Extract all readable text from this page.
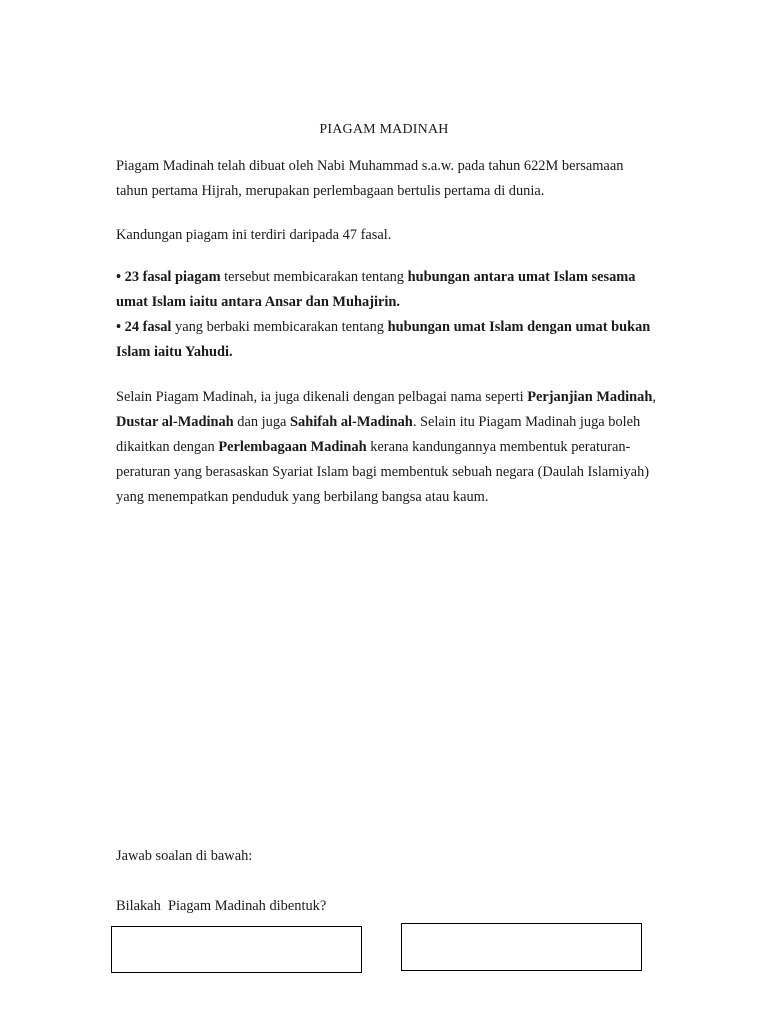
PIAGAM MADINAH

Piagam Madinah telah dibuat oleh Nabi Muhammad s.a.w. pada tahun 622M bersamaan tahun pertama Hijrah, merupakan perlembagaan bertulis pertama di dunia.

Kandungan piagam ini terdiri daripada 47 fasal.

• 23 fasal piagam tersebut membicarakan tentang hubungan antara umat Islam sesama umat Islam iaitu antara Ansar dan Muhajirin.
• 24 fasal yang berbaki membicarakan tentang hubungan umat Islam dengan umat bukan Islam iaitu Yahudi.

Selain Piagam Madinah, ia juga dikenali dengan pelbagai nama seperti Perjanjian Madinah, Dustar al-Madinah dan juga Sahifah al-Madinah. Selain itu Piagam Madinah juga boleh dikaitkan dengan Perlembagaan Madinah kerana kandungannya membentuk peraturan-peraturan yang berasaskan Syariat Islam bagi membentuk sebuah negara (Daulah Islamiyah) yang menempatkan penduduk yang berbilang bangsa atau kaum.

Jawab soalan di bawah:
Bilakah  Piagam Madinah dibentuk?
